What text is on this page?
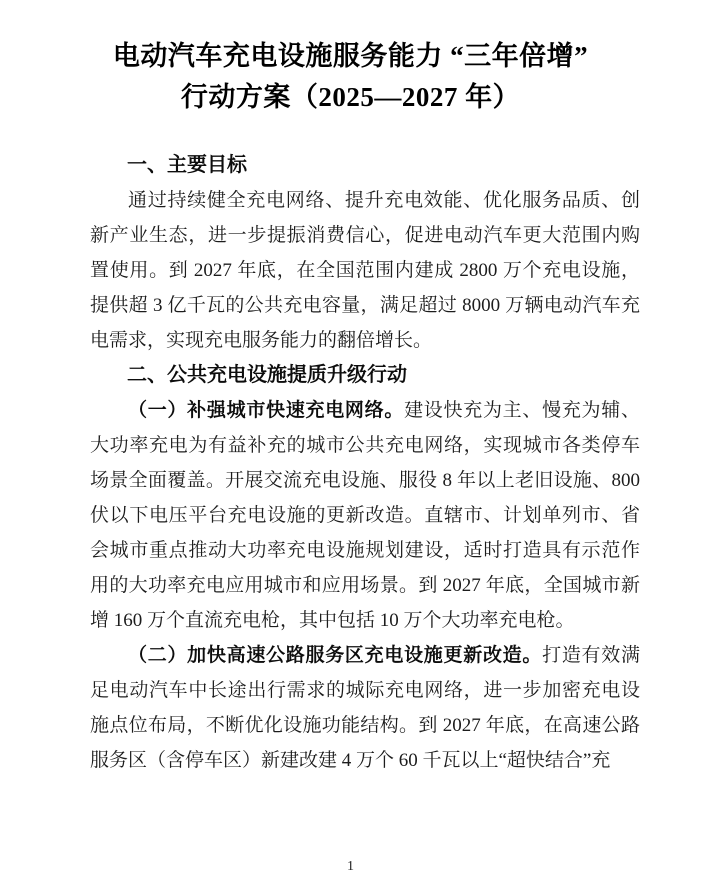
电动汽车充电设施服务能力 “三年倍增”
行动方案（2025—2027 年）

一、主要目标

通过持续健全充电网络、提升充电效能、优化服务品质、创新产业生态，进一步提振消费信心，促进电动汽车更大范围内购置使用。到 2027 年底，在全国范围内建成 2800 万个充电设施，提供超 3 亿千瓦的公共充电容量，满足超过 8000 万辆电动汽车充电需求，实现充电服务能力的翻倍增长。

二、公共充电设施提质升级行动

（一）补强城市快速充电网络。建设快充为主、慢充为辅、大功率充电为有益补充的城市公共充电网络，实现城市各类停车场景全面覆盖。开展交流充电设施、服役 8 年以上老旧设施、800 伏以下电压平台充电设施的更新改造。直辖市、计划单列市、省会城市重点推动大功率充电设施规划建设，适时打造具有示范作用的大功率充电应用城市和应用场景。到 2027 年底，全国城市新增 160 万个直流充电枪，其中包括 10 万个大功率充电枪。

（二）加快高速公路服务区充电设施更新改造。打造有效满足电动汽车中长途出行需求的城际充电网络，进一步加密充电设施点位布局，不断优化设施功能结构。到 2027 年底，在高速公路服务区（含停车区）新建改建 4 万个 60 千瓦以上“超快结合”充

1
